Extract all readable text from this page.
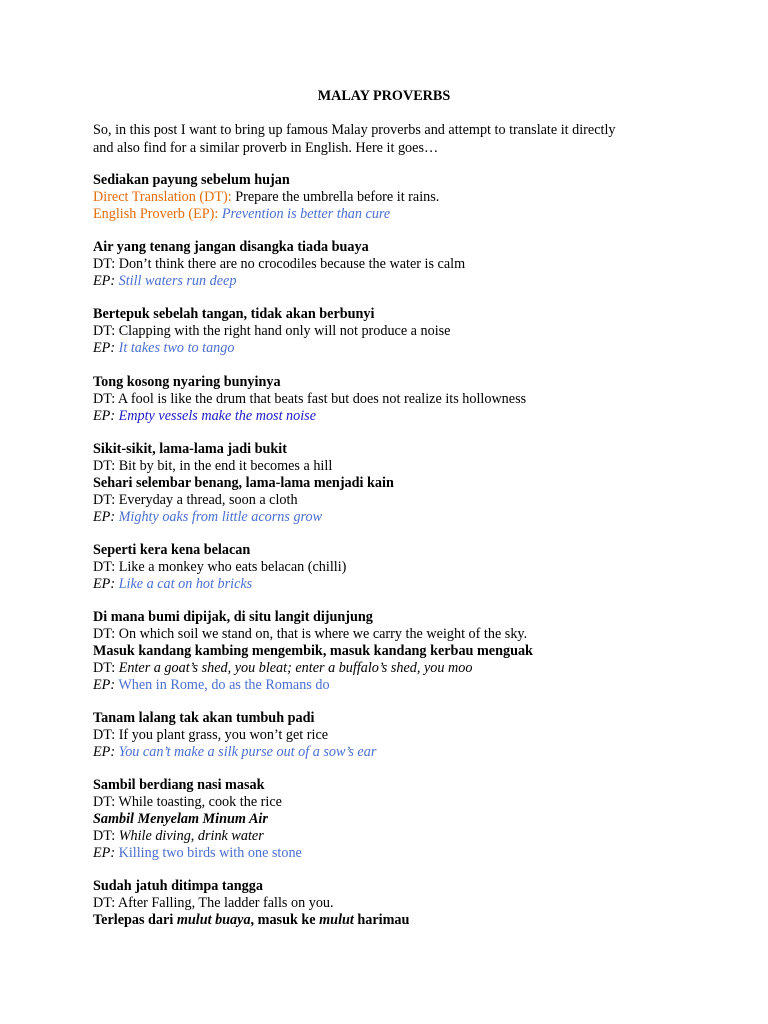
MALAY PROVERBS
So, in this post I want to bring up famous Malay proverbs and attempt to translate it directly
and also find for a similar proverb in English. Here it goes…
Sediakan payung sebelum hujan
Direct Translation (DT): Prepare the umbrella before it rains.
English Proverb (EP): Prevention is better than cure
Air yang tenang jangan disangka tiada buaya
DT: Don’t think there are no crocodiles because the water is calm
EP: Still waters run deep
Bertepuk sebelah tangan, tidak akan berbunyi
DT: Clapping with the right hand only will not produce a noise
EP: It takes two to tango
Tong kosong nyaring bunyinya
DT: A fool is like the drum that beats fast but does not realize its hollowness
EP: Empty vessels make the most noise
Sikit-sikit, lama-lama jadi bukit
DT: Bit by bit, in the end it becomes a hill
Sehari selembar benang, lama-lama menjadi kain
DT: Everyday a thread, soon a cloth
EP: Mighty oaks from little acorns grow
Seperti kera kena belacan
DT: Like a monkey who eats belacan (chilli)
EP: Like a cat on hot bricks
Di mana bumi dipijak, di situ langit dijunjung
DT: On which soil we stand on, that is where we carry the weight of the sky.
Masuk kandang kambing mengembik, masuk kandang kerbau menguak
DT: Enter a goat’s shed, you bleat; enter a buffalo’s shed, you moo
EP: When in Rome, do as the Romans do
Tanam lalang tak akan tumbuh padi
DT: If you plant grass, you won’t get rice
EP: You can’t make a silk purse out of a sow’s ear
Sambil berdiang nasi masak
DT: While toasting, cook the rice
Sambil Menyelam Minum Air
DT: While diving, drink water
EP: Killing two birds with one stone
Sudah jatuh ditimpa tangga
DT: After Falling, The ladder falls on you.
Terlepas dari mulut buaya, masuk ke mulut harimau
